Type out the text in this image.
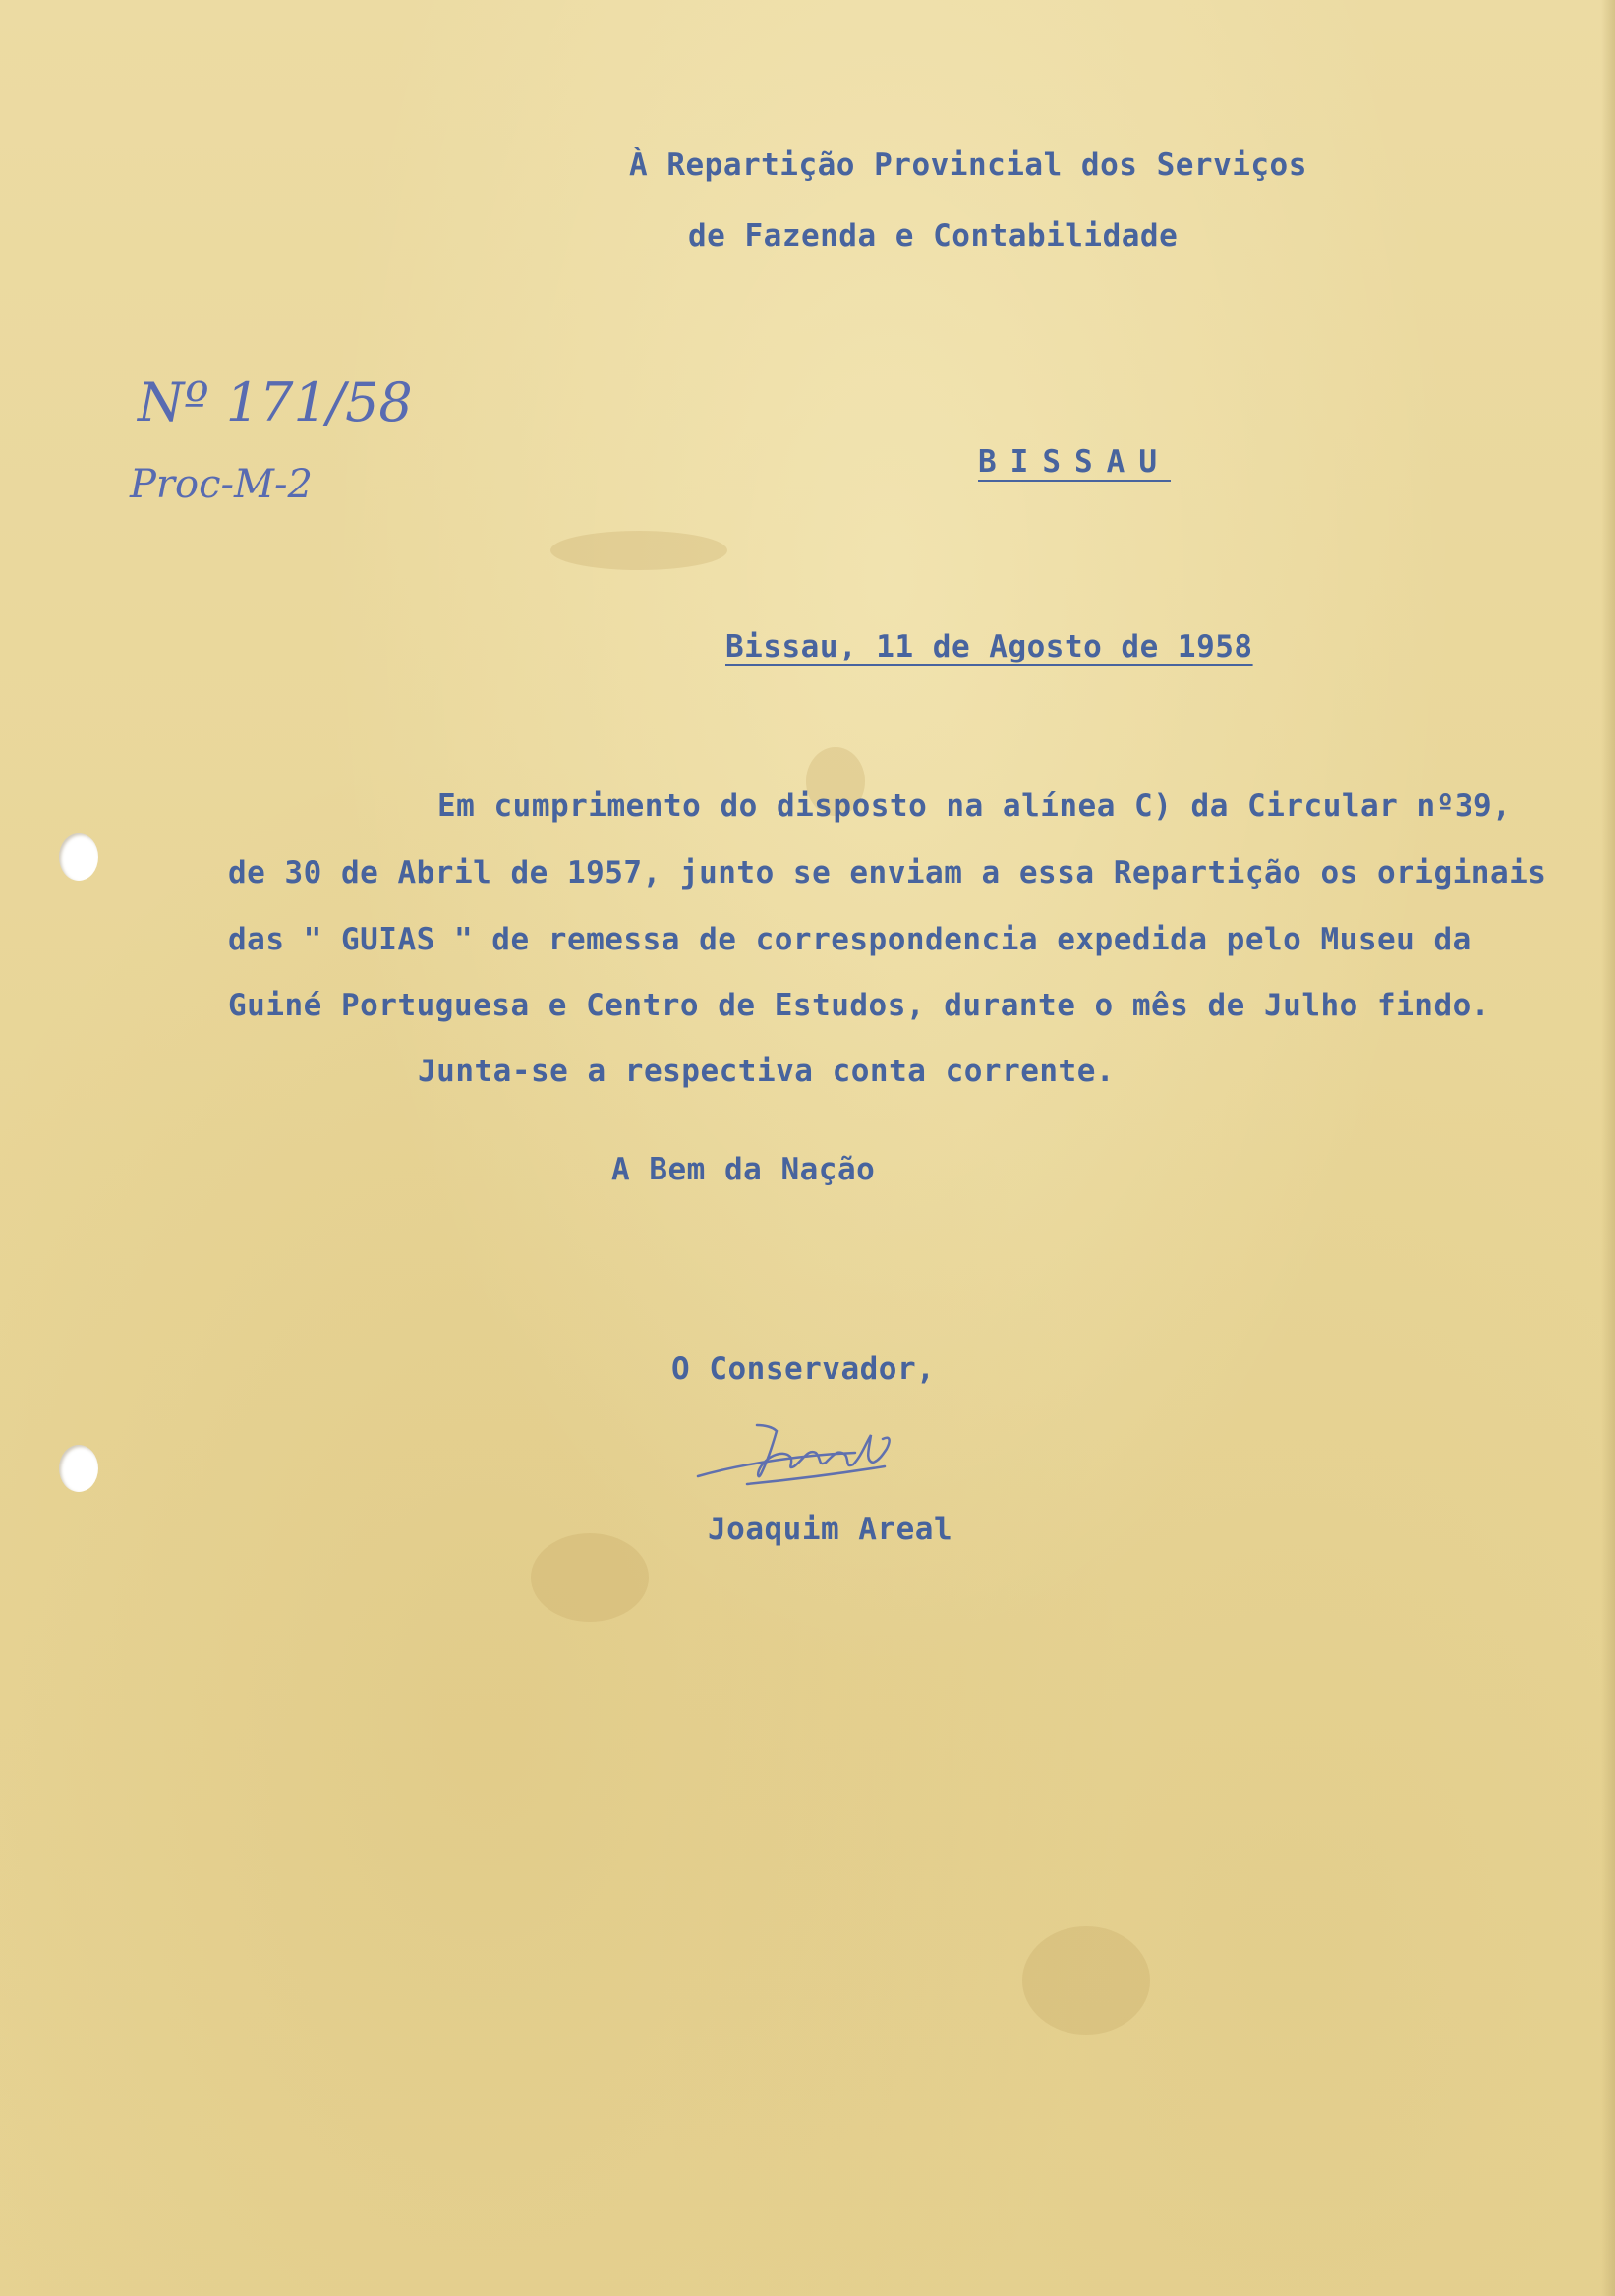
À Repartição Provincial dos Serviços
de Fazenda e Contabilidade
Nº 171/58
Proc-M-2	BISSAU
Bissau, 11 de Agosto de 1958
Em cumprimento do disposto na alínea C) da Circular nº39,
de 30 de Abril de 1957, junto se enviam a essa Repartição os originais
das " GUIAS " de remessa de correspondencia expedida pelo Museu da
Guiné Portuguesa e Centro de Estudos, durante o mês de Julho findo.
Junta-se a respectiva conta corrente.
A Bem da Nação
O Conservador,
Joaquim Areal
